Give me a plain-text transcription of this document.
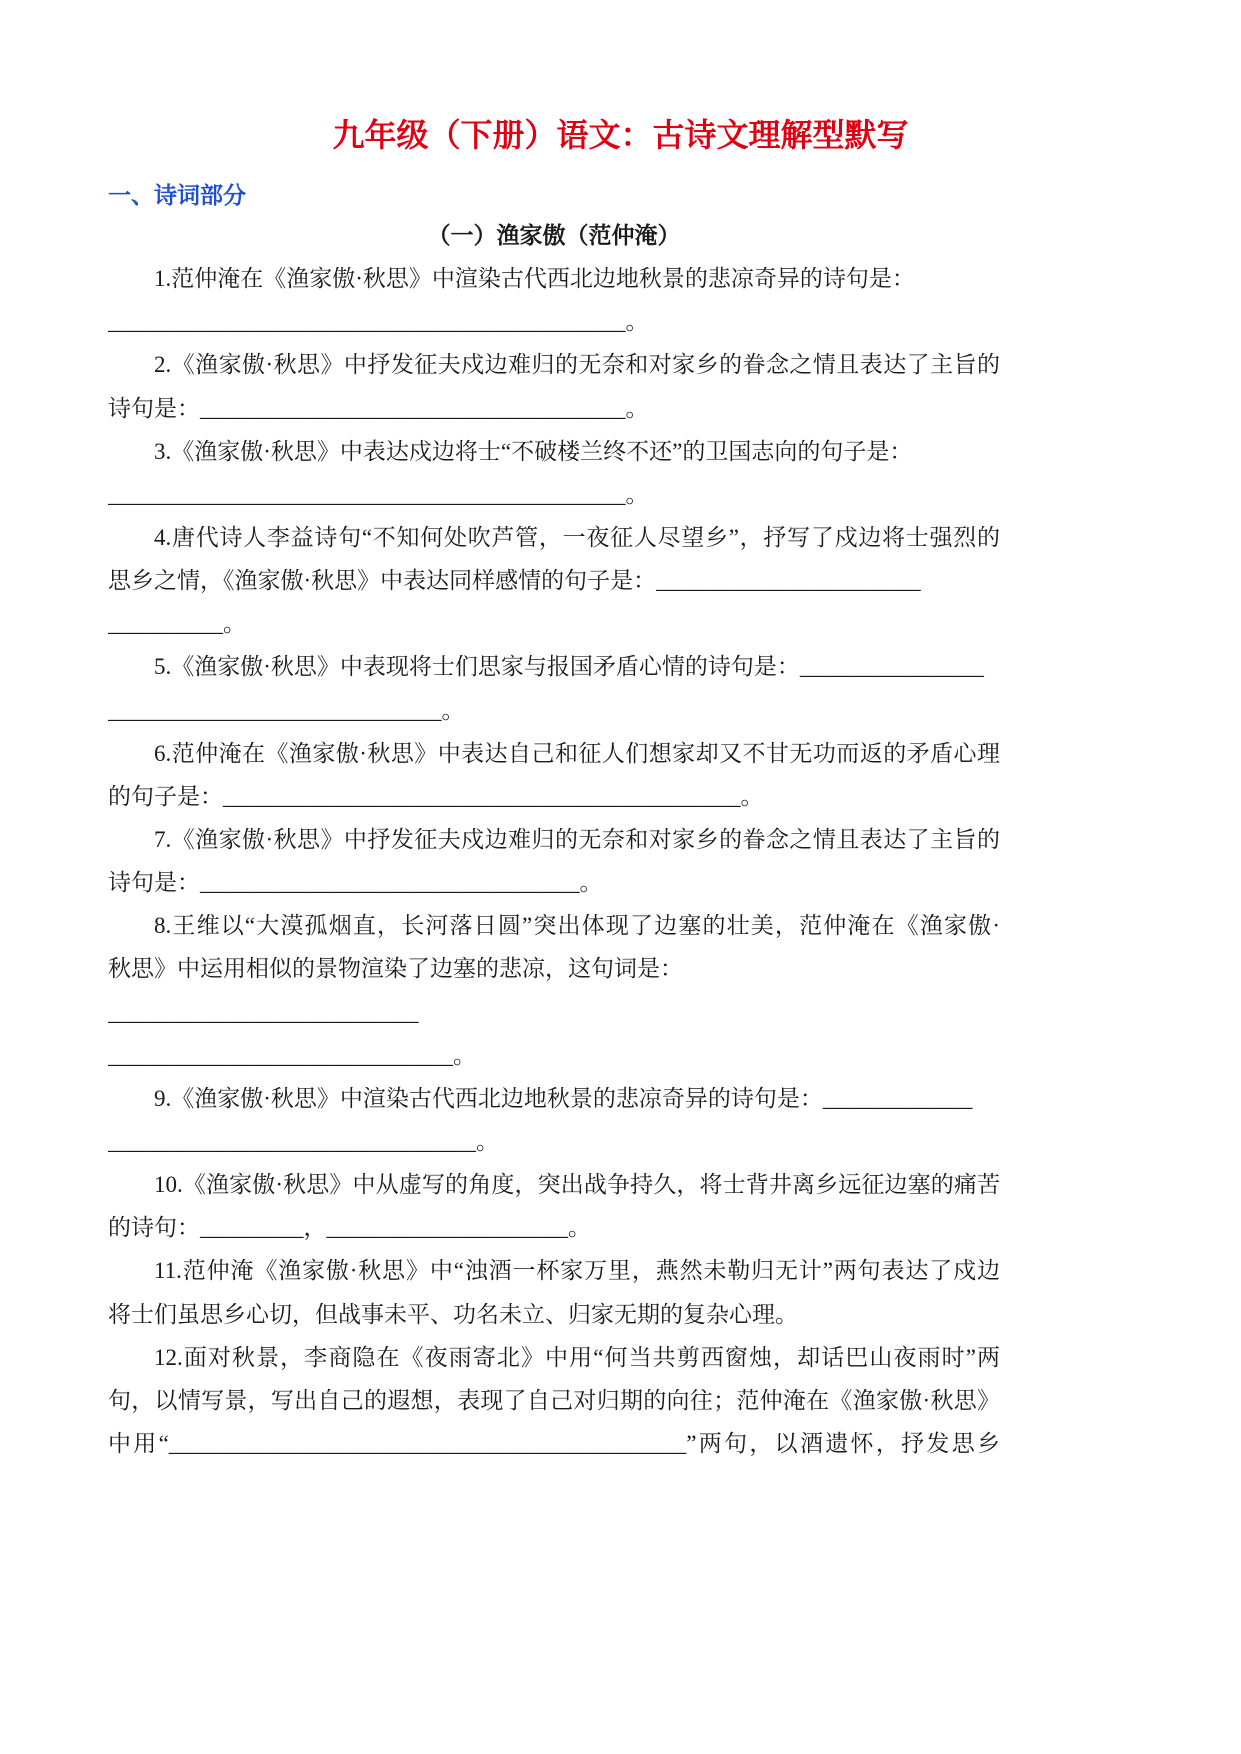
九年级（下册）语文：古诗文理解型默写
一、诗词部分
（一）渔家傲（范仲淹）
1.范仲淹在《渔家傲·秋思》中渲染古代西北边地秋景的悲凉奇异的诗句是：
_____________________________________________。
2.《渔家傲·秋思》中抒发征夫戍边难归的无奈和对家乡的眷念之情且表达了主旨的
诗句是：_____________________________________。
3.《渔家傲·秋思》中表达戍边将士“不破楼兰终不还”的卫国志向的句子是：
_____________________________________________。
4.唐代诗人李益诗句“不知何处吹芦管，一夜征人尽望乡”，抒写了戍边将士强烈的
思乡之情，《渔家傲·秋思》中表达同样感情的句子是：_______________________
__________。
5.《渔家傲·秋思》中表现将士们思家与报国矛盾心情的诗句是：________________
_____________________________。
6.范仲淹在《渔家傲·秋思》中表达自己和征人们想家却又不甘无功而返的矛盾心理
的句子是：_____________________________________________。
7.《渔家傲·秋思》中抒发征夫戍边难归的无奈和对家乡的眷念之情且表达了主旨的
诗句是：_________________________________。
8.王维以“大漠孤烟直，长河落日圆”突出体现了边塞的壮美，范仲淹在《渔家傲·
秋思》中运用相似的景物渲染了边塞的悲凉，这句词是：
___________________________
______________________________。
9.《渔家傲·秋思》中渲染古代西北边地秋景的悲凉奇异的诗句是：_____________
________________________________。
10.《渔家傲·秋思》中从虚写的角度，突出战争持久，将士背井离乡远征边塞的痛苦
的诗句：_________，_____________________。
11.范仲淹《渔家傲·秋思》中“浊酒一杯家万里，燕然未勒归无计”两句表达了戍边
将士们虽思乡心切，但战事未平、功名未立、归家无期的复杂心理。
12.面对秋景，李商隐在《夜雨寄北》中用“何当共剪西窗烛，却话巴山夜雨时”两
句，以情写景，写出自己的遐想，表现了自己对归期的向往；范仲淹在《渔家傲·秋思》
中用“_____________________________________________”两句，以酒遗怀，抒发思乡
